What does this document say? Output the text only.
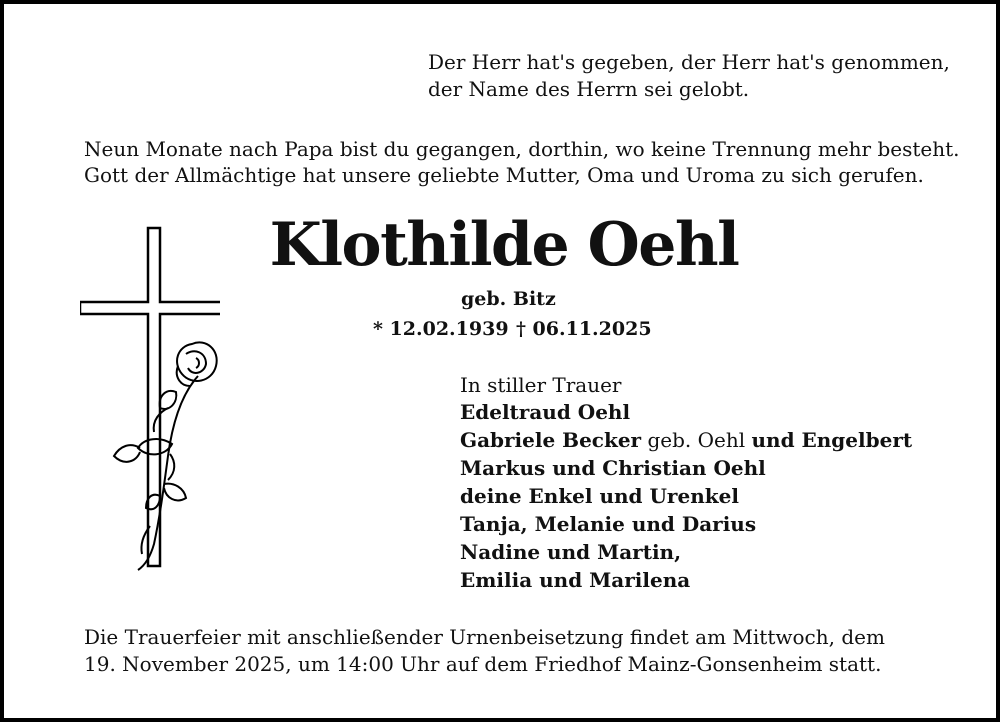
Der Herr hat's gegeben, der Herr hat's genommen,
der Name des Herrn sei gelobt.
Neun Monate nach Papa bist du gegangen, dorthin, wo keine Trennung mehr besteht.
Gott der Allmächtige hat unsere geliebte Mutter, Oma und Uroma zu sich gerufen.
Klothilde Oehl
geb. Bitz
* 12.02.1939 † 06.11.2025
In stiller Trauer
Edeltraud Oehl
Gabriele Becker geb. Oehl und Engelbert
Markus und Christian Oehl
deine Enkel und Urenkel
Tanja, Melanie und Darius
Nadine und Martin,
Emilia und Marilena
Die Trauerfeier mit anschließender Urnenbeisetzung findet am Mittwoch, dem
19. November 2025, um 14:00 Uhr auf dem Friedhof Mainz-Gonsenheim statt.
